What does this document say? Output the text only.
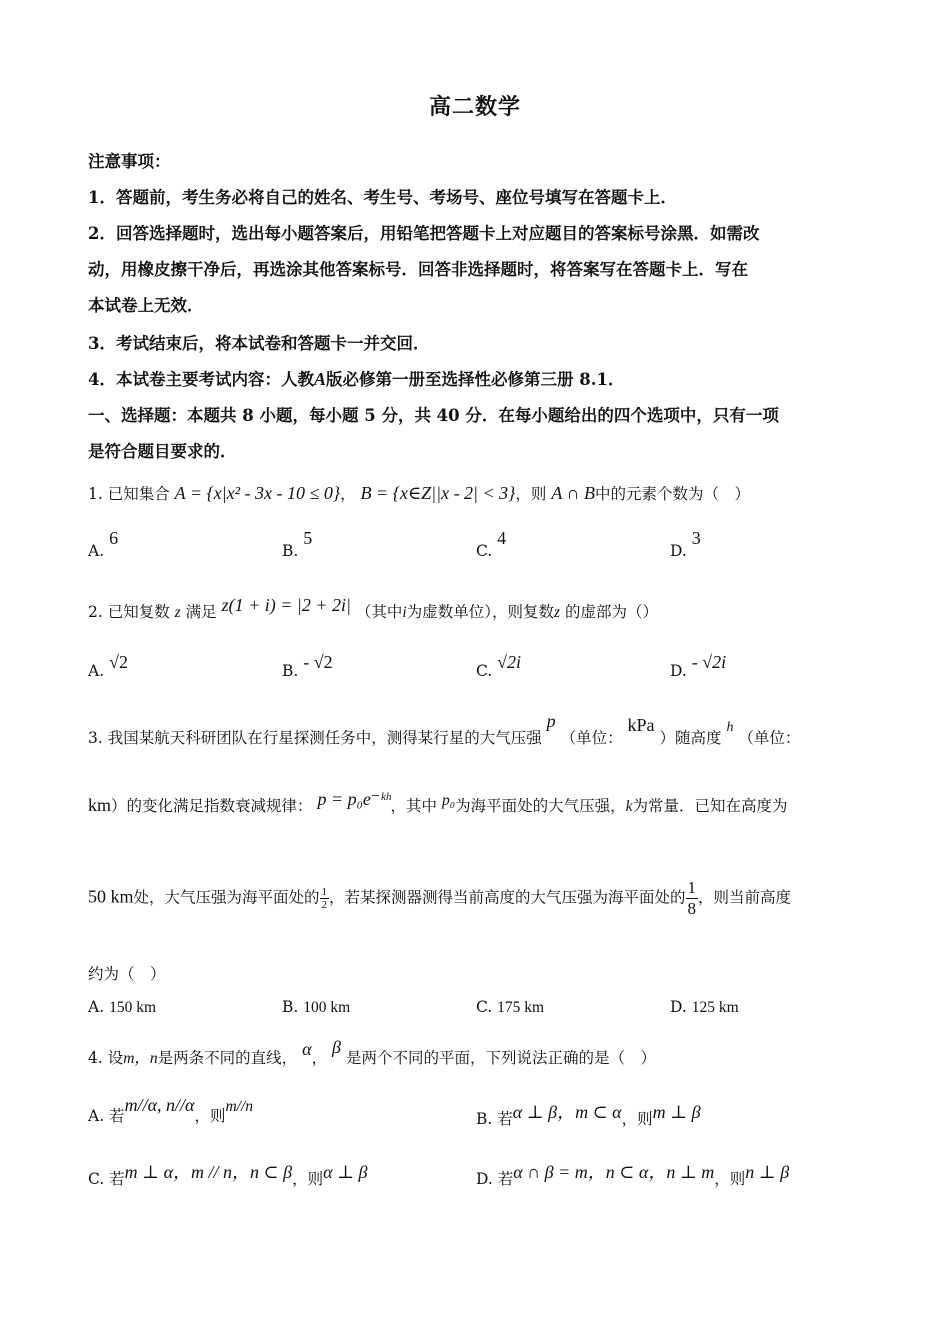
高二数学
注意事项：
1．答题前，考生务必将自己的姓名、考生号、考场号、座位号填写在答题卡上．
2．回答选择题时，选出每小题答案后，用铅笔把答题卡上对应题目的答案标号涂黑．如需改
动，用橡皮擦干净后，再选涂其他答案标号．回答非选择题时，将答案写在答题卡上．写在
本试卷上无效．
3．考试结束后，将本试卷和答题卡一并交回．
4．本试卷主要考试内容：人教A版必修第一册至选择性必修第三册 8.1．
一、选择题：本题共 8 小题，每小题 5 分，共 40 分．在每小题给出的四个选项中，只有一项
是符合题目要求的．
1. 已知集合 A = {x|x² - 3x - 10 ≤ 0}， B = {x∈Z||x - 2| < 3}，则 A ∩ B中的元素个数为（　）
A. 6
B. 5
C. 4
D. 3
2. 已知复数 z 满足 z(1 + i) = |2 + 2i| （其中i为虚数单位），则复数z 的虚部为（）
A. √2	B. - √2	C. √2i	D. - √2i
3. 我国某航天科研团队在行星探测任务中，测得某行星的大气压强 p （单位： kPa ）随高度 h （单位：
km）的变化满足指数衰减规律： p = p₀e⁻ᵏʰ，其中 p₀为海平面处的大气压强，k为常量．已知在高度为
50 km处，大气压强为海平面处的 $\frac{1}{2}$ ，若某探测器测得当前高度的大气压强为海平面处的 $\frac{1}{8}$ ，则当前高度
约为（　）
A. 150 km	B. 100 km	C. 175 km	D. 125 km
4. 设m，n是两条不同的直线， α， β 是两个不同的平面，下列说法正确的是（　）
A. 若m//α, n//α，则m//n
B. 若α ⊥ β，m ⊂ α，则m ⊥ β
C. 若m ⊥ α，m // n，n ⊂ β，则α ⊥ β	D. 若α ∩ β = m，n ⊂ α，n ⊥ m，则n ⊥ β
